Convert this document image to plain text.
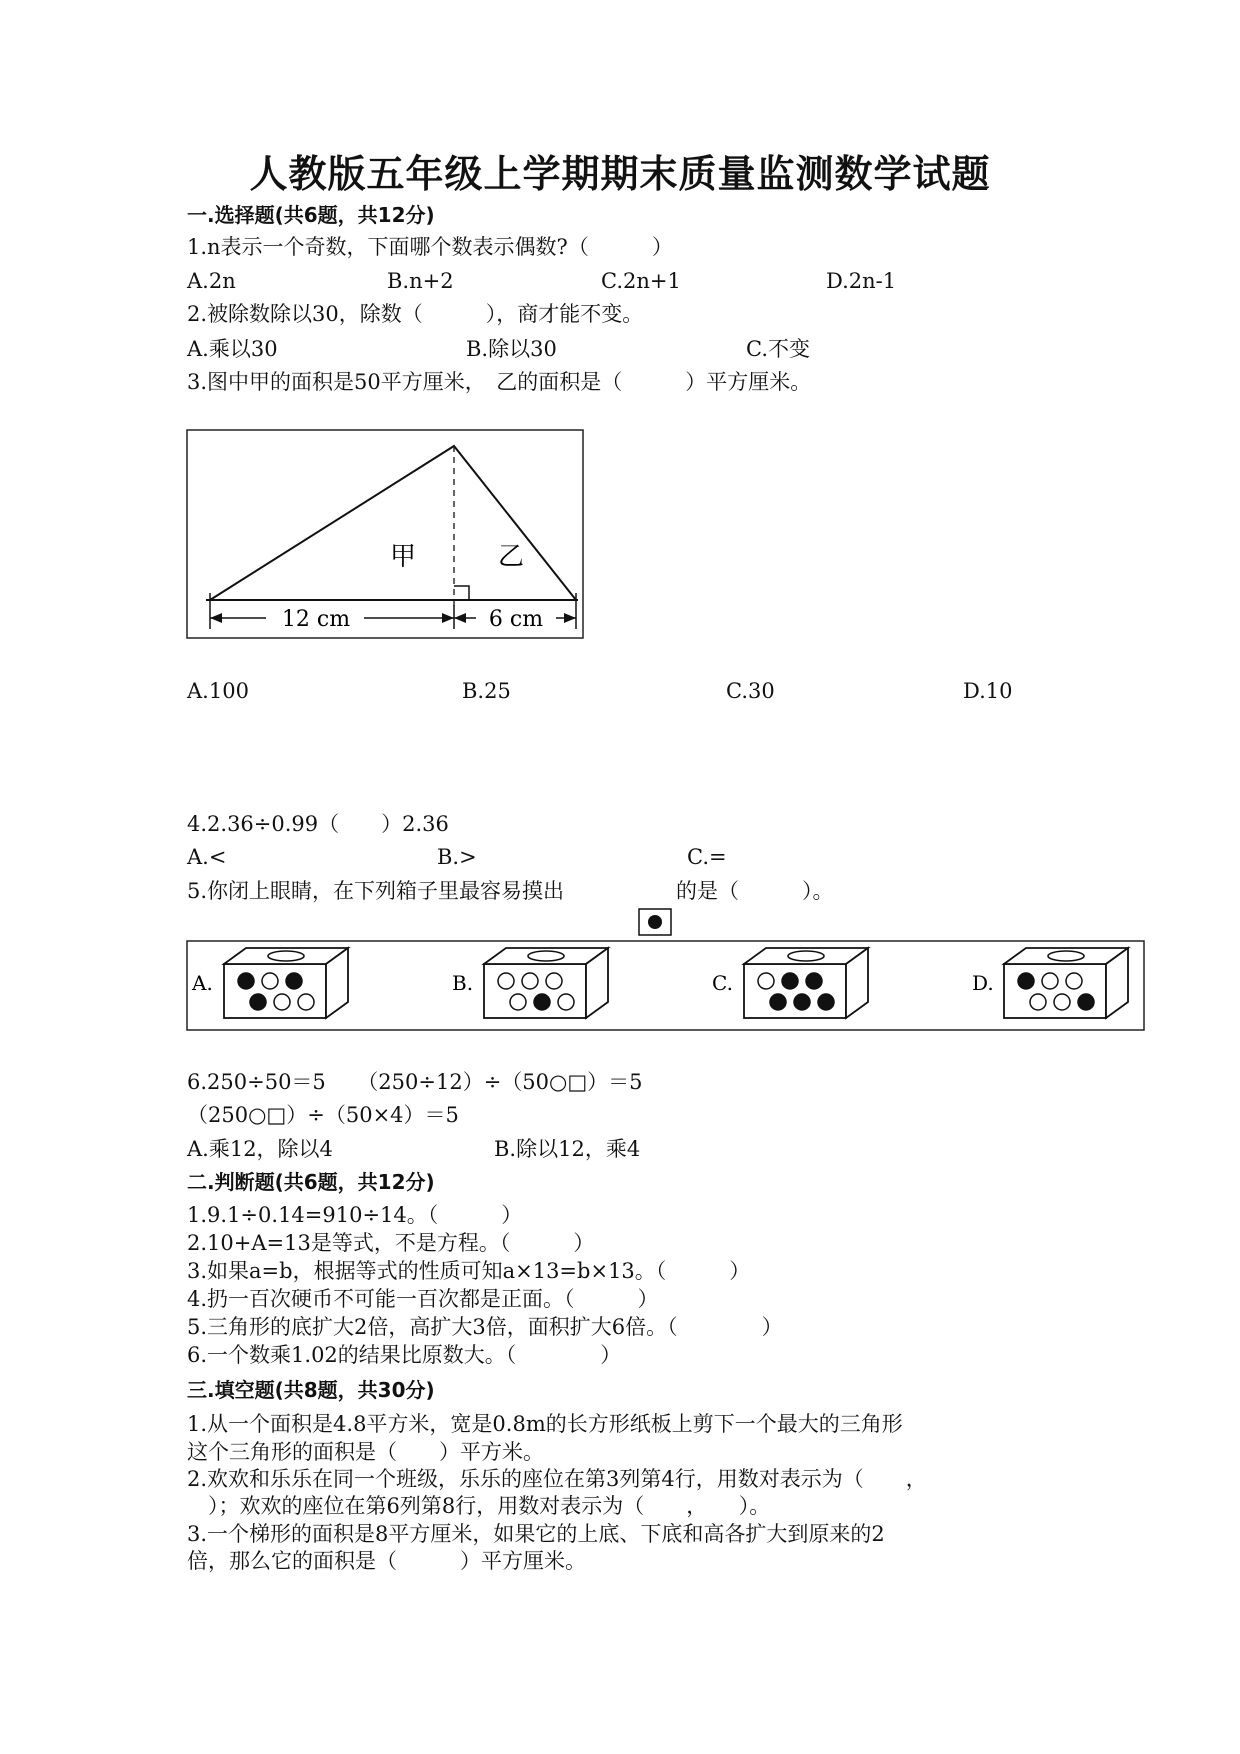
人教版五年级上学期期末质量监测数学试题
一.选择题(共6题，共12分)
1.n表示一个奇数，下面哪个数表示偶数?（　　　）
A.2n	B.n+2	C.2n+1	D.2n-1
2.被除数除以30，除数（　　　），商才能不变。
A.乘以30	B.除以30	C.不变
3.图中甲的面积是50平方厘米，　乙的面积是（　　　）平方厘米。
甲	乙
12 cm	6 cm
A.100	B.25	C.30	D.10
4.2.36÷0.99（　　）2.36
A.<	B.>	C.=
5.你闭上眼睛，在下列箱子里最容易摸出	的是（　　　）。
A.	B.	C.	D.
6.250÷50＝5　　（250÷12）÷（50○□）＝5
（250○□）÷（50×4）＝5
A.乘12，除以4	B.除以12，乘4
二.判断题(共6题，共12分)
1.9.1÷0.14=910÷14。（　　　）
2.10+A=13是等式，不是方程。（　　　）
3.如果a=b，根据等式的性质可知a×13=b×13。（　　　）
4.扔一百次硬币不可能一百次都是正面。（　　　）
5.三角形的底扩大2倍，高扩大3倍，面积扩大6倍。（　　　　）
6.一个数乘1.02的结果比原数大。（　　　　）
三.填空题(共8题，共30分)
1.从一个面积是4.8平方米，宽是0.8m的长方形纸板上剪下一个最大的三角形
这个三角形的面积是（　　）平方米。
2.欢欢和乐乐在同一个班级，乐乐的座位在第3列第4行，用数对表示为（　　，
　）；欢欢的座位在第6列第8行，用数对表示为（　　，　　）。
3.一个梯形的面积是8平方厘米，如果它的上底、下底和高各扩大到原来的2
倍，那么它的面积是（　　　）平方厘米。
